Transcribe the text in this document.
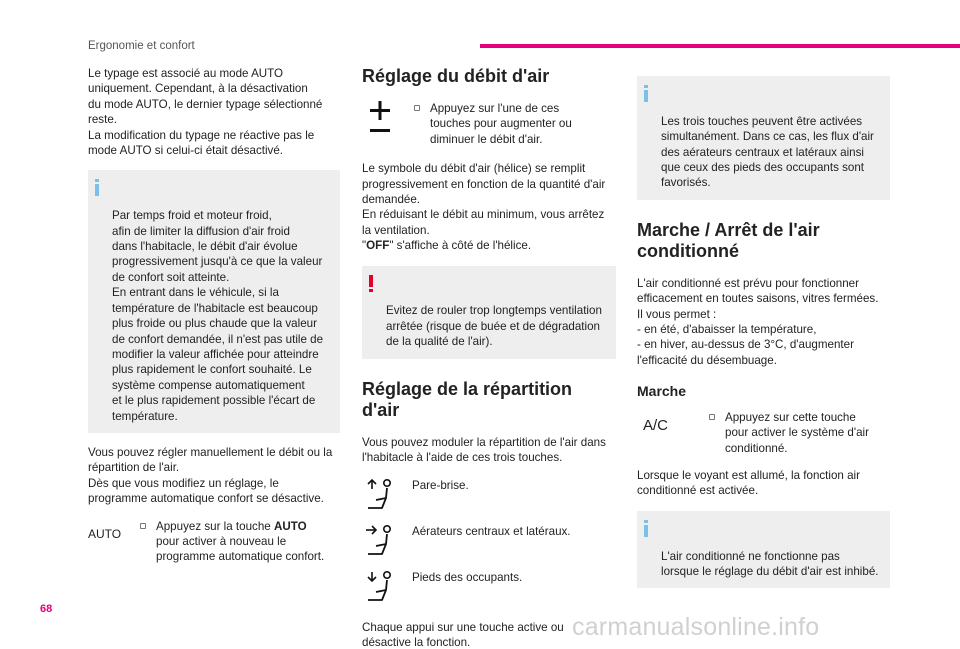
Ergonomie et confort

Le typage est associé au mode AUTO
uniquement. Cependant, à la désactivation
du mode AUTO, le dernier typage sélectionné
reste.
La modification du typage ne réactive pas le
mode AUTO si celui-ci était désactivé.

Par temps froid et moteur froid,
afin de limiter la diffusion d'air froid
dans l'habitacle, le débit d'air évolue
progressivement jusqu'à ce que la valeur
de confort soit atteinte.
En entrant dans le véhicule, si la
température de l'habitacle est beaucoup
plus froide ou plus chaude que la valeur
de confort demandée, il n'est pas utile de
modifier la valeur affichée pour atteindre
plus rapidement le confort souhaité. Le
système compense automatiquement
et le plus rapidement possible l'écart de
température.

Vous pouvez régler manuellement le débit ou la
répartition de l'air.
Dès que vous modifiez un réglage, le
programme automatique confort se désactive.

AUTO
Appuyez sur la touche AUTO
pour activer à nouveau le
programme automatique confort.
Réglage du débit d'air
Appuyez sur l'une de ces
touches pour augmenter ou
diminuer le débit d'air.

Le symbole du débit d'air (hélice) se remplit
progressivement en fonction de la quantité d'air
demandée.
En réduisant le débit au minimum, vous arrêtez
la ventilation.

"OFF" s'affiche à côté de l'hélice.

Evitez de rouler trop longtemps ventilation
arrêtée (risque de buée et de dégradation
de la qualité de l'air).

Réglage de la répartition
d'air

Vous pouvez moduler la répartition de l'air dans
l'habitacle à l'aide de ces trois touches.

Pare-brise.
Aérateurs centraux et latéraux.
Pieds des occupants.

Chaque appui sur une touche active ou
désactive la fonction.

Les trois touches peuvent être activées
simultanément. Dans ce cas, les flux d'air
des aérateurs centraux et latéraux ainsi
que ceux des pieds des occupants sont
favorisés.

Marche / Arrêt de l'air
conditionné

L'air conditionné est prévu pour fonctionner
efficacement en toutes saisons, vitres fermées.
Il vous permet :

- en été, d'abaisser la température,

- en hiver, au-dessus de 3°C, d'augmenter
l'efficacité du désembuage.

Marche
A/C	Appuyez sur cette touche
pour activer le système d'air
conditionné.

Lorsque le voyant est allumé, la fonction air
conditionné est activée.

L'air conditionné ne fonctionne pas
lorsque le réglage du débit d'air est inhibé.

68
carmanualsonline.info
